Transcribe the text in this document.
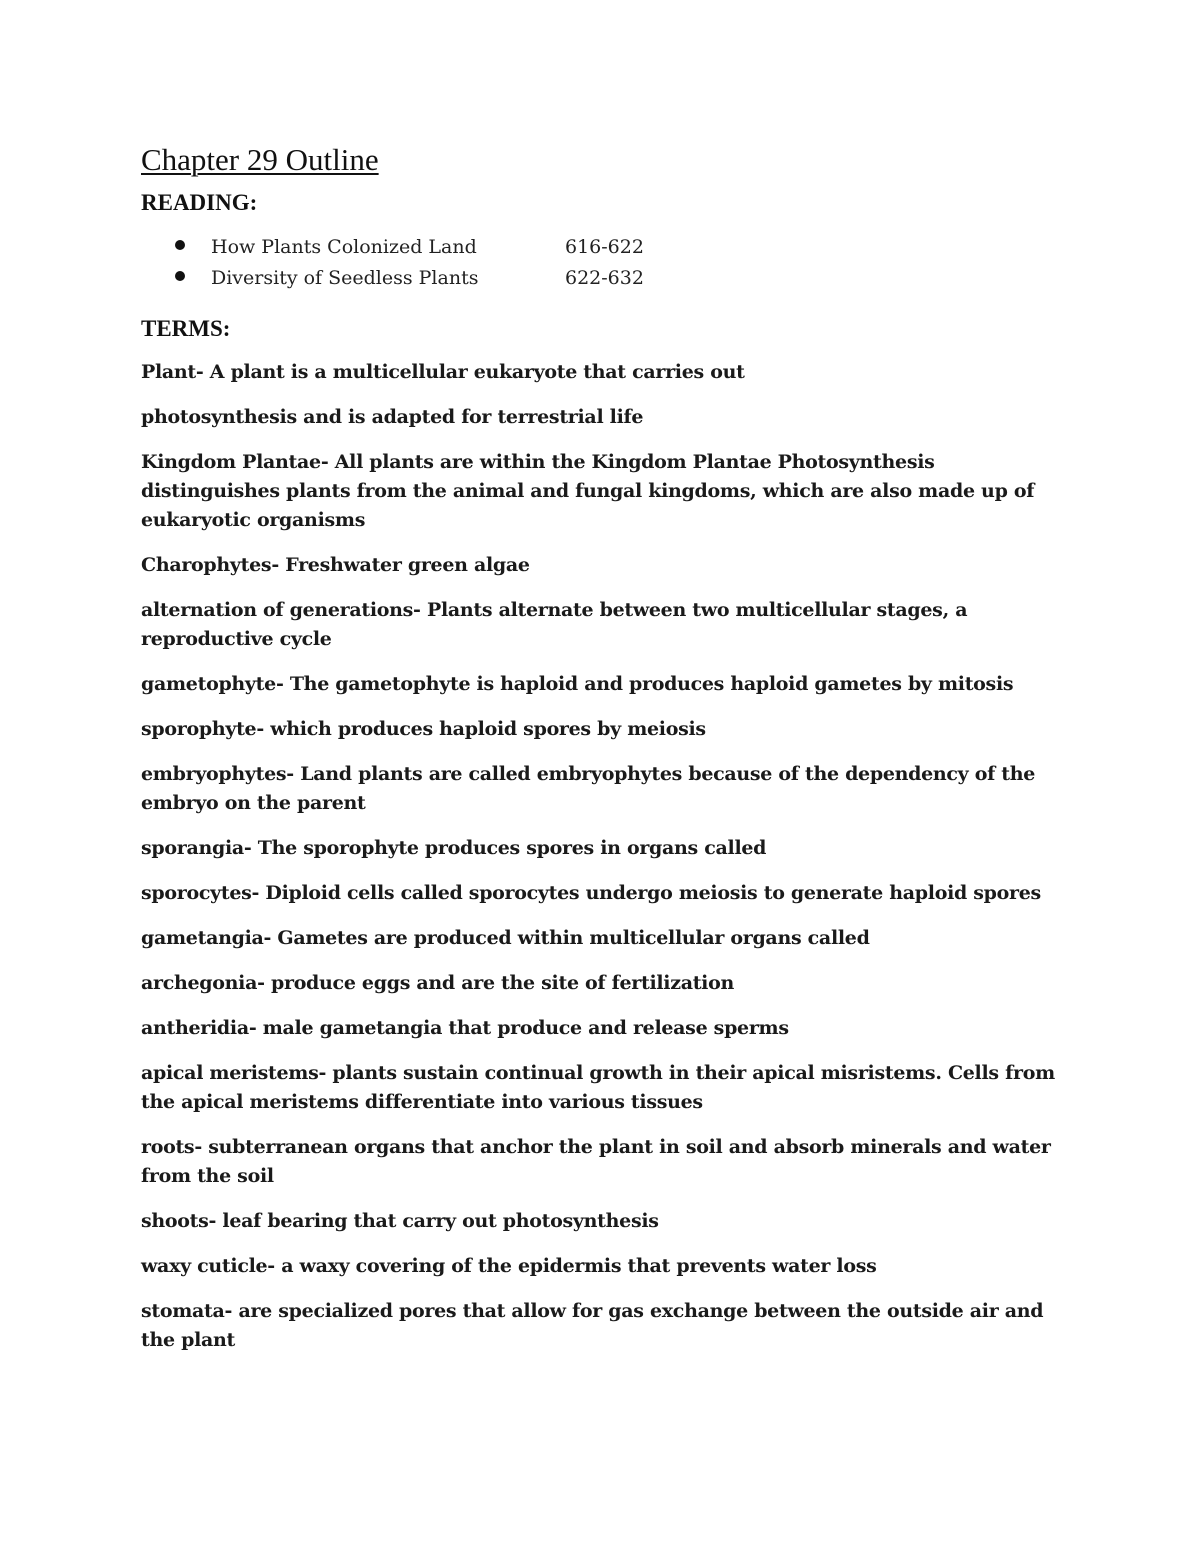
Chapter 29 Outline
READING:
How Plants Colonized Land	616-622
Diversity of Seedless Plants	622-632
TERMS:

Plant- A plant is a multicellular eukaryote that carries out

photosynthesis and is adapted for terrestrial life

Kingdom Plantae- All plants are within the Kingdom Plantae Photosynthesis distinguishes plants from the animal and fungal kingdoms, which are also made up of eukaryotic organisms

Charophytes- Freshwater green algae

alternation of generations- Plants alternate between two multicellular stages, a reproductive cycle

gametophyte- The gametophyte is haploid and produces haploid gametes by mitosis

sporophyte- which produces haploid spores by meiosis

embryophytes- Land plants are called embryophytes because of the dependency of the embryo on the parent

sporangia- The sporophyte produces spores in organs called

sporocytes- Diploid cells called sporocytes undergo meiosis to generate haploid spores

gametangia- Gametes are produced within multicellular organs called

archegonia- produce eggs and are the site of fertilization

antheridia- male gametangia that produce and release sperms

apical meristems- plants sustain continual growth in their apical misristems. Cells from the apical meristems differentiate into various tissues

roots- subterranean organs that anchor the plant in soil and absorb minerals and water from the soil

shoots- leaf bearing that carry out photosynthesis

waxy cuticle- a waxy covering of the epidermis that prevents water loss

stomata- are specialized pores that allow for gas exchange between the outside air and the plant
